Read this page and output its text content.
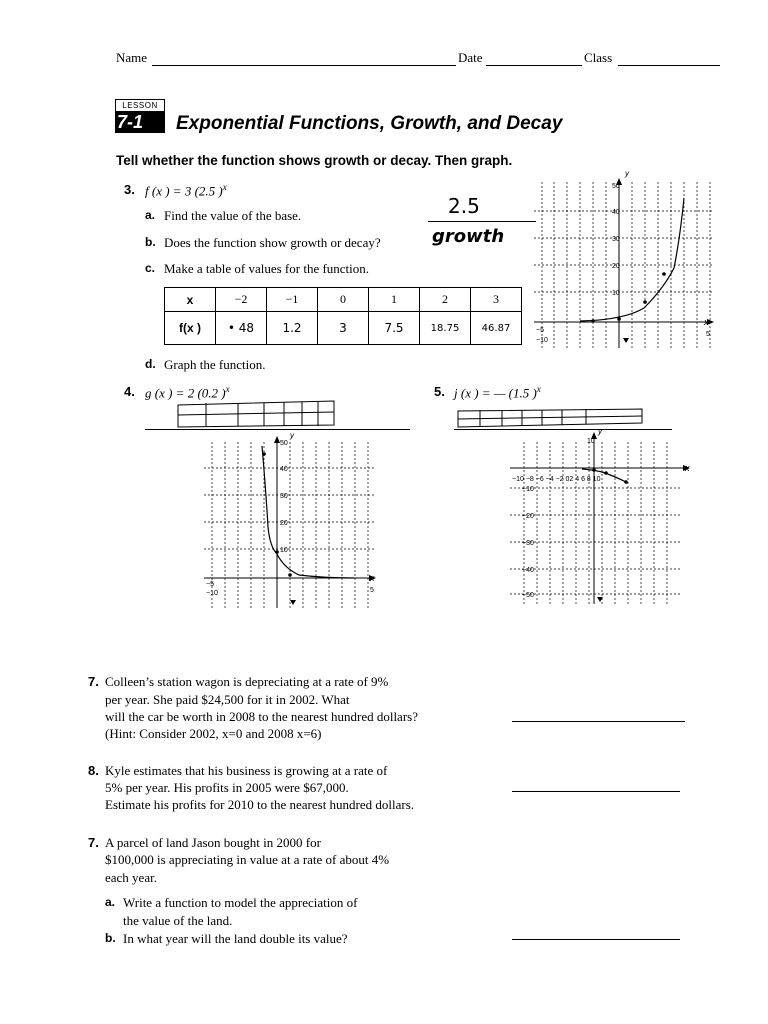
Name	Date	Class
LESSON
7-1	Exponential Functions, Growth, and Decay
Tell whether the function shows growth or decay. Then graph.
3. f (x ) = 3 (2.5 )$^x$
a. Find the value of the base.	2.5
b. Does the function show growth or decay?	growth
c. Make a table of values for the function.
x	−2	−1	0	1	2	3
f(x )	• 48	1.2	3	7.5	18.75	46.87
d. Graph the function.
y
x
50
40
30
20
10
−10
−5
5
4. g (x ) = 2 (0.2 )$^x$
y
x
50
40
30
20
10
−10
−5
5
5. j (x ) = — (1.5 )$^x$
y
x
10
−10 −8 −6 −4 −2 02 4 6 8 10
−10
−20
−30
−40
−50
7. Colleen’s station wagon is depreciating at a rate of 9%
per year. She paid $24,500 for it in 2002. What
will the car be worth in 2008 to the nearest hundred dollars?
(Hint: Consider 2002, x=0 and 2008 x=6)
8. Kyle estimates that his business is growing at a rate of
5% per year. His profits in 2005 were $67,000.
Estimate his profits for 2010 to the nearest hundred dollars.
7. A parcel of land Jason bought in 2000 for
$100,000 is appreciating in value at a rate of about 4%
each year.
a. Write a function to model the appreciation of
the value of the land.
b. In what year will the land double its value?
